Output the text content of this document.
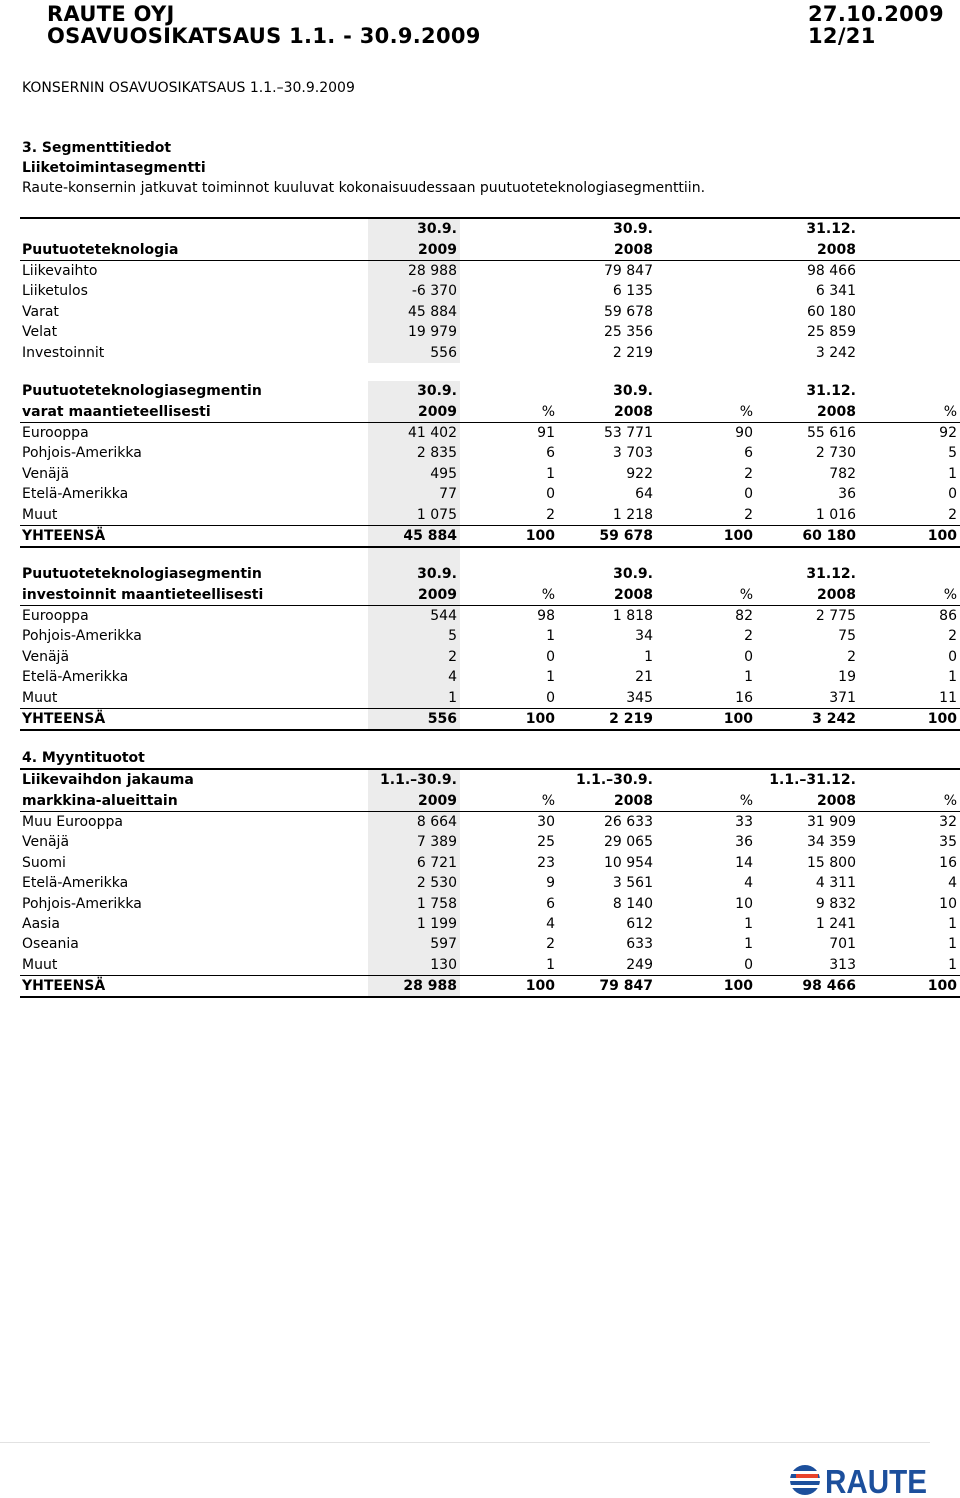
RAUTE OYJ
OSAVUOSIKATSAUS 1.1. - 30.9.2009
27.10.2009
12/21
KONSERNIN OSAVUOSIKATSAUS 1.1.–30.9.2009
3. Segmenttitiedot
Liiketoimintasegmentti
Raute-konsernin jatkuvat toiminnot kuuluvat kokonaisuudessaan puutuoteteknologiasegmenttiin.
	30.9.		30.9.		31.12.	
Puutuoteteknologia	2009		2008		2008	
Liikevaihto	28 988		79 847		98 466	
Liiketulos	-6 370		6 135		6 341	
Varat	45 884		59 678		60 180	
Velat	19 979		25 356		25 859	
Investoinnit	556		2 219		3 242	
Puutuoteteknologiasegmentin	30.9.		30.9.		31.12.	
varat maantieteellisesti	2009	%	2008	%	2008	%
Eurooppa	41 402	91	53 771	90	55 616	92
Pohjois-Amerikka	2 835	6	3 703	6	2 730	5
Venäjä	495	1	922	2	782	1
Etelä-Amerikka	77	0	64	0	36	0
Muut	1 075	2	1 218	2	1 016	2
YHTEENSÄ	45 884	100	59 678	100	60 180	100

Puutuoteteknologiasegmentin	30.9.		30.9.		31.12.	
investoinnit maantieteellisesti	2009	%	2008	%	2008	%
Eurooppa	544	98	1 818	82	2 775	86
Pohjois-Amerikka	5	1	34	2	75	2
Venäjä	2	0	1	0	2	0
Etelä-Amerikka	4	1	21	1	19	1
Muut	1	0	345	16	371	11
YHTEENSÄ	556	100	2 219	100	3 242	100
4. Myyntituotot
Liikevaihdon jakauma	1.1.–30.9.		1.1.–30.9.		1.1.–31.12.	
markkina-alueittain	2009	%	2008	%	2008	%
Muu Eurooppa	8 664	30	26 633	33	31 909	32
Venäjä	7 389	25	29 065	36	34 359	35
Suomi	6 721	23	10 954	14	15 800	16
Etelä-Amerikka	2 530	9	3 561	4	4 311	4
Pohjois-Amerikka	1 758	6	8 140	10	9 832	10
Aasia	1 199	4	612	1	1 241	1
Oseania	597	2	633	1	701	1
Muut	130	1	249	0	313	1
YHTEENSÄ	28 988	100	79 847	100	98 466	100
RAUTE
